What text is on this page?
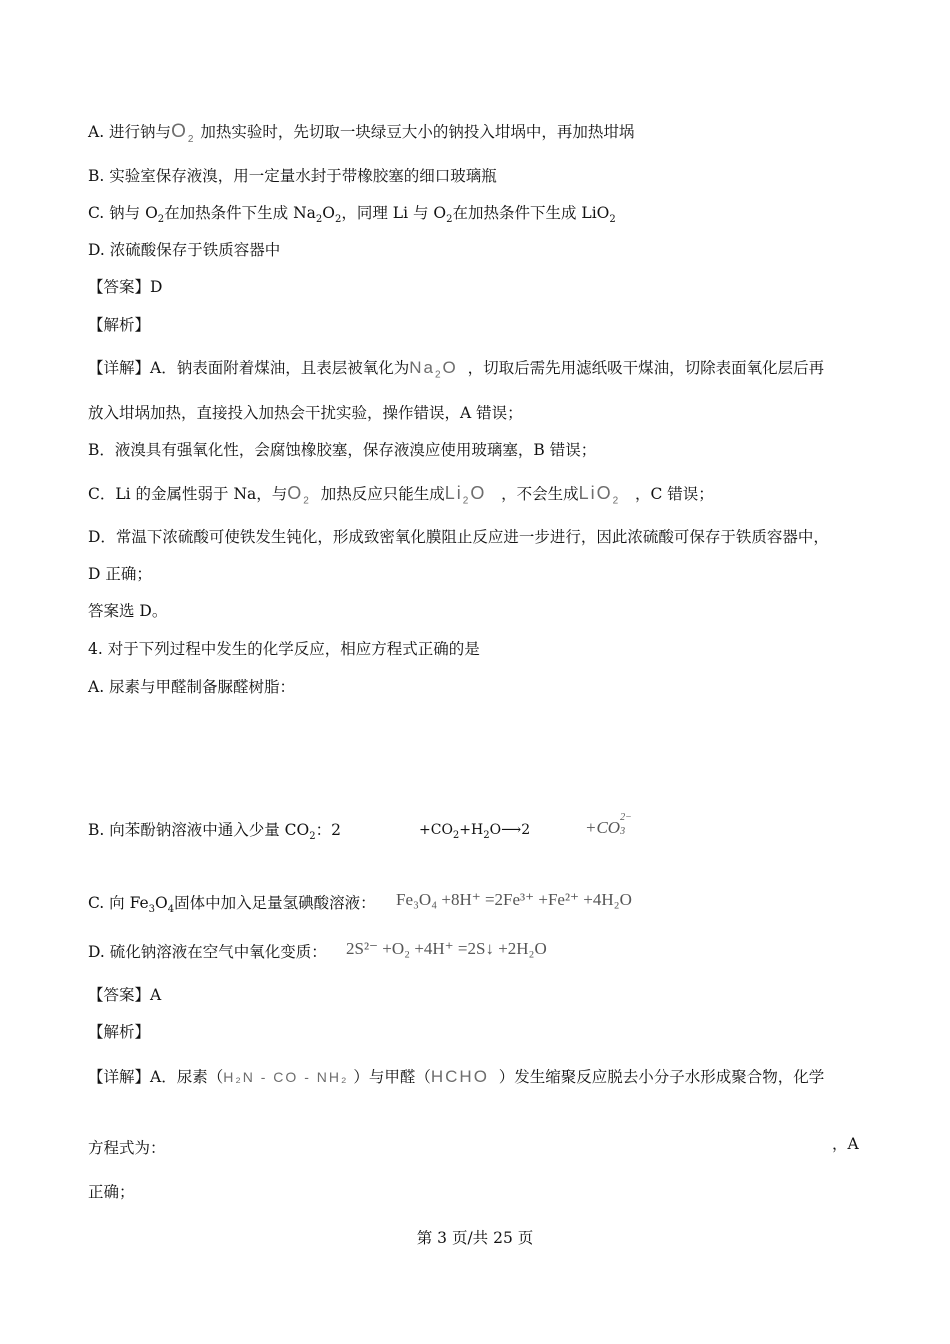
A. 进行钠与$O_2$ 加热实验时，先切取一块绿豆大小的钠投入坩埚中，再加热坩埚
B. 实验室保存液溴，用一定量水封于带橡胶塞的细口玻璃瓶
C. 钠与 $O_2$在加热条件下生成 $Na_2O_2$，同理 Li 与 $O_2$在加热条件下生成 LiO$_2$
D. 浓硫酸保存于铁质容器中
【答案】D
【解析】
【详解】A．钠表面附着煤油，且表层被氧化为$Na_2O$ ，切取后需先用滤纸吸干煤油，切除表面氧化层后再
放入坩埚加热，直接投入加热会干扰实验，操作错误，A 错误；
B．液溴具有强氧化性，会腐蚀橡胶塞，保存液溴应使用玻璃塞，B 错误；
C．Li 的金属性弱于 Na，与$O_2$ 加热反应只能生成$Li_2O$ ，不会生成LiO$_2$ ，C 错误；
D．常温下浓硫酸可使铁发生钝化，形成致密氧化膜阻止反应进一步进行，因此浓硫酸可保存于铁质容器中，
D 正确；
答案选 D。
4. 对于下列过程中发生的化学反应，相应方程式正确的是
A. 尿素与甲醛制备脲醛树脂：
O
n $H_2N-C-NH_2+nHCHO$
一定条件
H $HN-C-NH-CH_2$
O
n
OH $+(n-1)H_2O$
B. 向苯酚钠溶液中通入少量 $CO_2$：2
O -
$+CO_2+H_2O⟶2$
OH
+CO 3
2−
C. 向 $Fe_3O_4$固体中加入足量氢碘酸溶液： Fe₃O₄ +8H⁺ =2Fe³⁺ +Fe²⁺ +4H₂O
D. 硫化钠溶液在空气中氧化变质： 2S²⁻ +O₂ +4H⁺ =2S↓ +2H₂O
【答案】A
【解析】
【详解】A．尿素（H₂N - CO - NH₂ ）与甲醛（HCHO ）发生缩聚反应脱去小分子水形成聚合物，化学
方程式为：
O
n $H_2N-C-NH_2+nHCHO$
一定条件
H $HN-C-NH-CH_2$
O
n
OH $+(n-1)H_2O$ ，A
正确；
第 3 页/共 25 页
